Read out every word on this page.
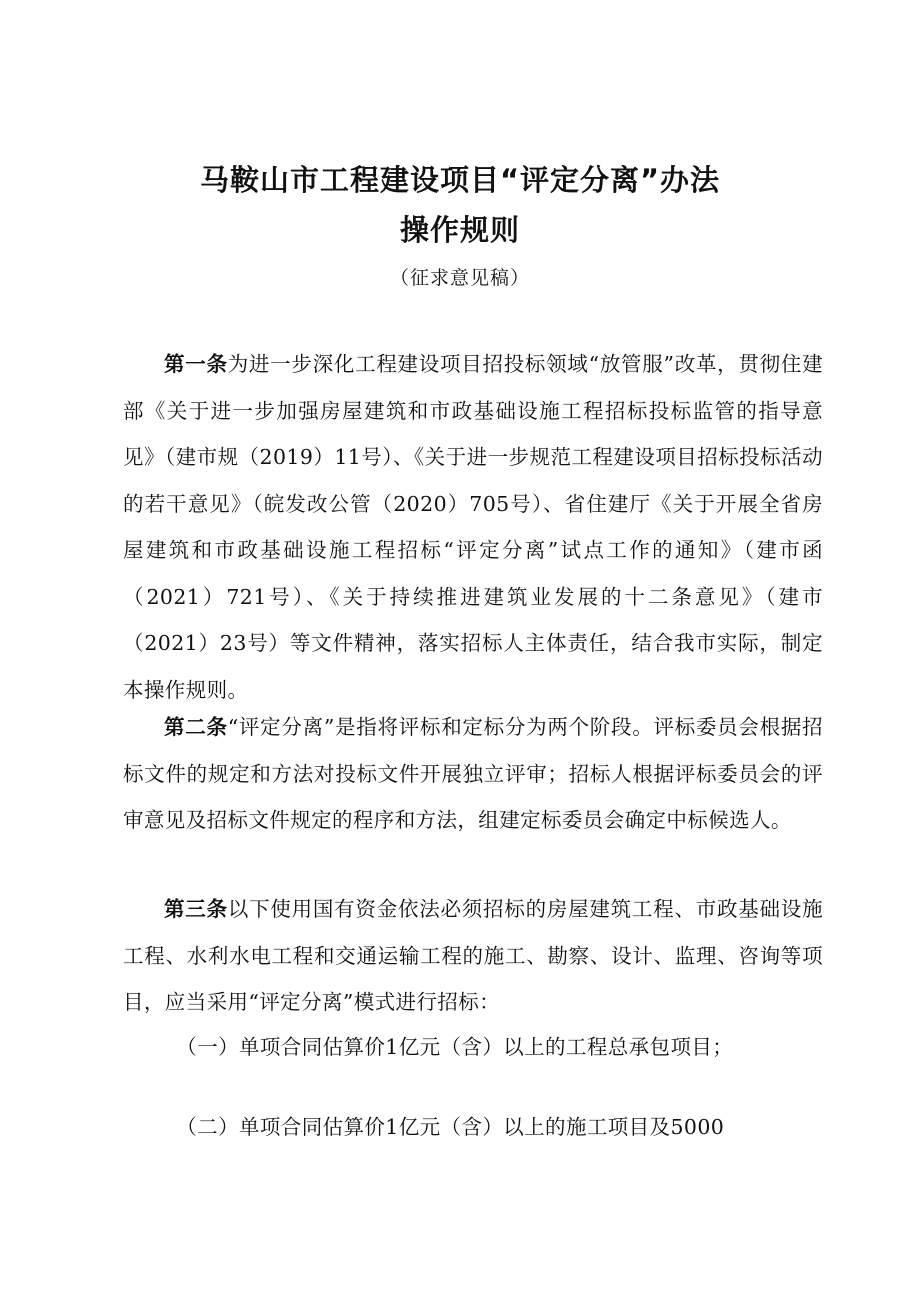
马鞍山市工程建设项目“评定分离”办法
操作规则
（征求意见稿）

第一条为进一步深化工程建设项目招投标领域“放管服”改革，贯彻住建部《关于进一步加强房屋建筑和市政基础设施工程招标投标监管的指导意见》（建市规（2019）11号）、《关于进一步规范工程建设项目招标投标活动的若干意见》（皖发改公管（2020）705号）、省住建厅《关于开展全省房屋建筑和市政基础设施工程招标“评定分离”试点工作的通知》（建市函（2021）721号）、《关于持续推进建筑业发展的十二条意见》（建市（2021）23号）等文件精神，落实招标人主体责任，结合我市实际，制定本操作规则。

第二条“评定分离”是指将评标和定标分为两个阶段。评标委员会根据招标文件的规定和方法对投标文件开展独立评审；招标人根据评标委员会的评审意见及招标文件规定的程序和方法，组建定标委员会确定中标候选人。

第三条以下使用国有资金依法必须招标的房屋建筑工程、市政基础设施工程、水利水电工程和交通运输工程的施工、勘察、设计、监理、咨询等项目，应当采用“评定分离”模式进行招标：

（一）单项合同估算价1亿元（含）以上的工程总承包项目；
（二）单项合同估算价1亿元（含）以上的施工项目及5000
